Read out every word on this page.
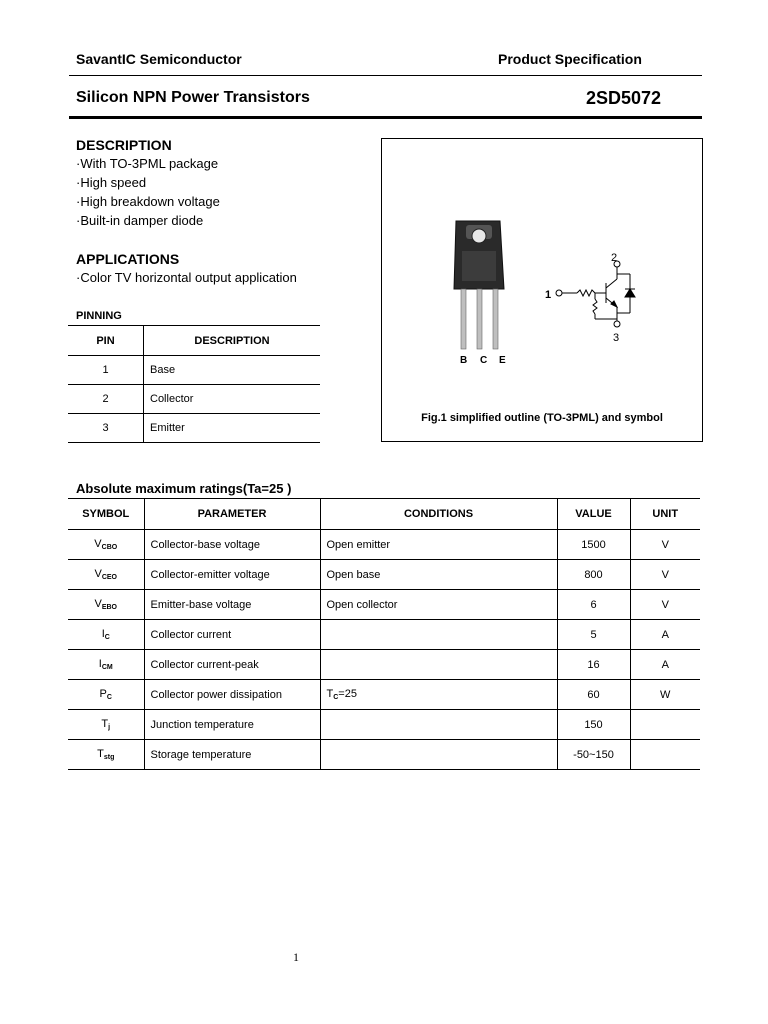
SavantIC Semiconductor	Product Specification
Silicon NPN Power Transistors	2SD5072
DESCRIPTION
·With TO-3PML package
·High speed
·High breakdown voltage
·Built-in damper diode
APPLICATIONS
·Color TV horizontal output application
PINNING
PIN	DESCRIPTION
1	Base
2	Collector
3	Emitter
B C E
1
2
3
Fig.1 simplified outline (TO-3PML) and symbol
Absolute maximum ratings(Ta=25 )
SYMBOL	PARAMETER	CONDITIONS	VALUE	UNIT
$V_{CBO}$	Collector-base voltage	Open emitter	1500	V
$V_{CEO}$	Collector-emitter voltage	Open base	800	V
$V_{EBO}$	Emitter-base voltage	Open collector	6	V
$I_C$	Collector current		5	A
$I_{CM}$	Collector current-peak		16	A
$P_C$	Collector power dissipation	$T_C=25$	60	W
$T_j$	Junction temperature		150	
$T_{stg}$	Storage temperature		-50~150	
1
